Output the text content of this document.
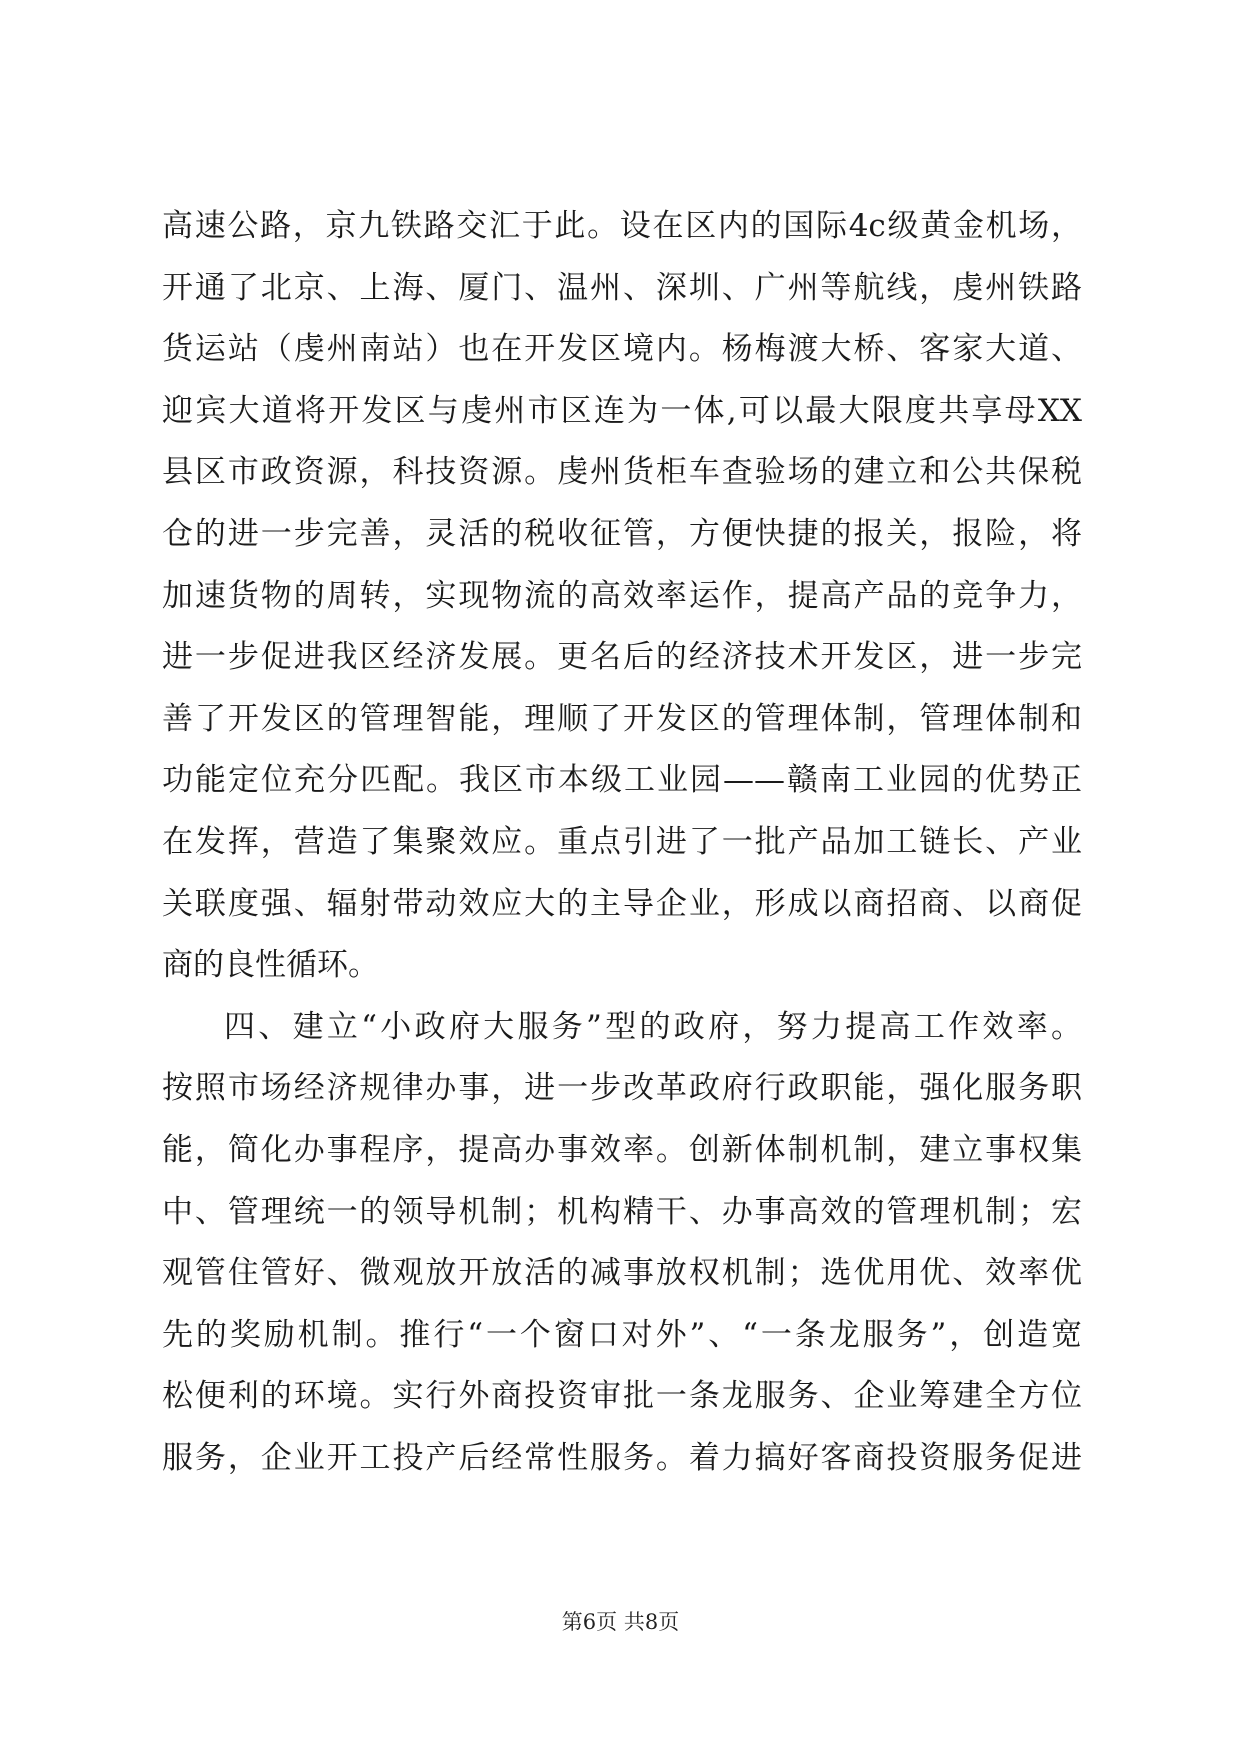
高速公路，京九铁路交汇于此。设在区内的国际4c级黄金机场，
开通了北京、上海、厦门、温州、深圳、广州等航线，虔州铁路
货运站（虔州南站）也在开发区境内。杨梅渡大桥、客家大道、
迎宾大道将开发区与虔州市区连为一体,可以最大限度共享母XX
县区市政资源，科技资源。虔州货柜车查验场的建立和公共保税
仓的进一步完善，灵活的税收征管，方便快捷的报关，报险，将
加速货物的周转，实现物流的高效率运作，提高产品的竞争力，
进一步促进我区经济发展。更名后的经济技术开发区，进一步完
善了开发区的管理智能，理顺了开发区的管理体制，管理体制和
功能定位充分匹配。我区市本级工业园——赣南工业园的优势正
在发挥，营造了集聚效应。重点引进了一批产品加工链长、产业
关联度强、辐射带动效应大的主导企业，形成以商招商、以商促
商的良性循环。
四、建立“小政府大服务”型的政府，努力提高工作效率。
按照市场经济规律办事，进一步改革政府行政职能，强化服务职
能，简化办事程序，提高办事效率。创新体制机制，建立事权集
中、管理统一的领导机制；机构精干、办事高效的管理机制；宏
观管住管好、微观放开放活的减事放权机制；选优用优、效率优
先的奖励机制。推行“一个窗口对外”、“一条龙服务”，创造宽
松便利的环境。实行外商投资审批一条龙服务、企业筹建全方位
服务，企业开工投产后经常性服务。着力搞好客商投资服务促进
第6页 共8页
